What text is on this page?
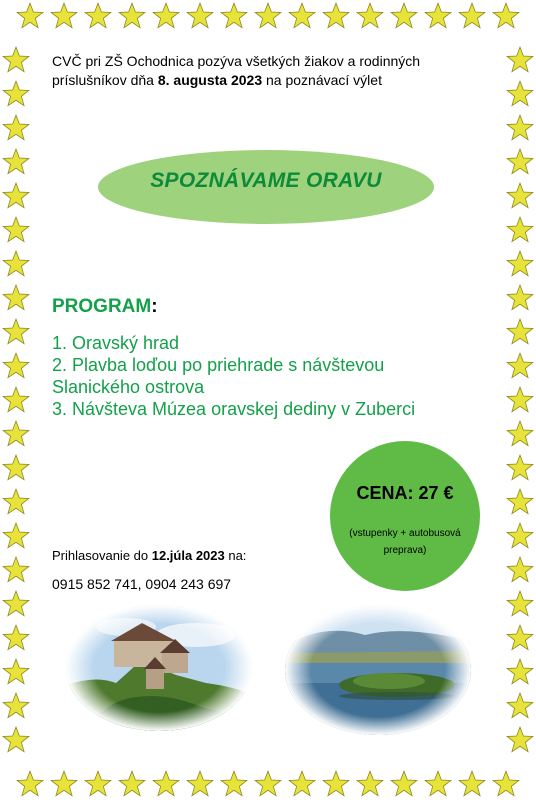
CVČ pri ZŠ Ochodnica pozýva všetkých žiakov a rodinných
príslušníkov dňa 8. augusta 2023 na poznávací výlet
SPOZNÁVAME ORAVU
PROGRAM:
1. Oravský hrad
2. Plavba loďou po priehrade s návštevou
Slanického ostrova
3. Návšteva Múzea oravskej dediny v Zuberci
CENA: 27 €
(vstupenky + autobusová
preprava)
Prihlasovanie do 12.júla 2023 na:
0915 852 741, 0904 243 697
